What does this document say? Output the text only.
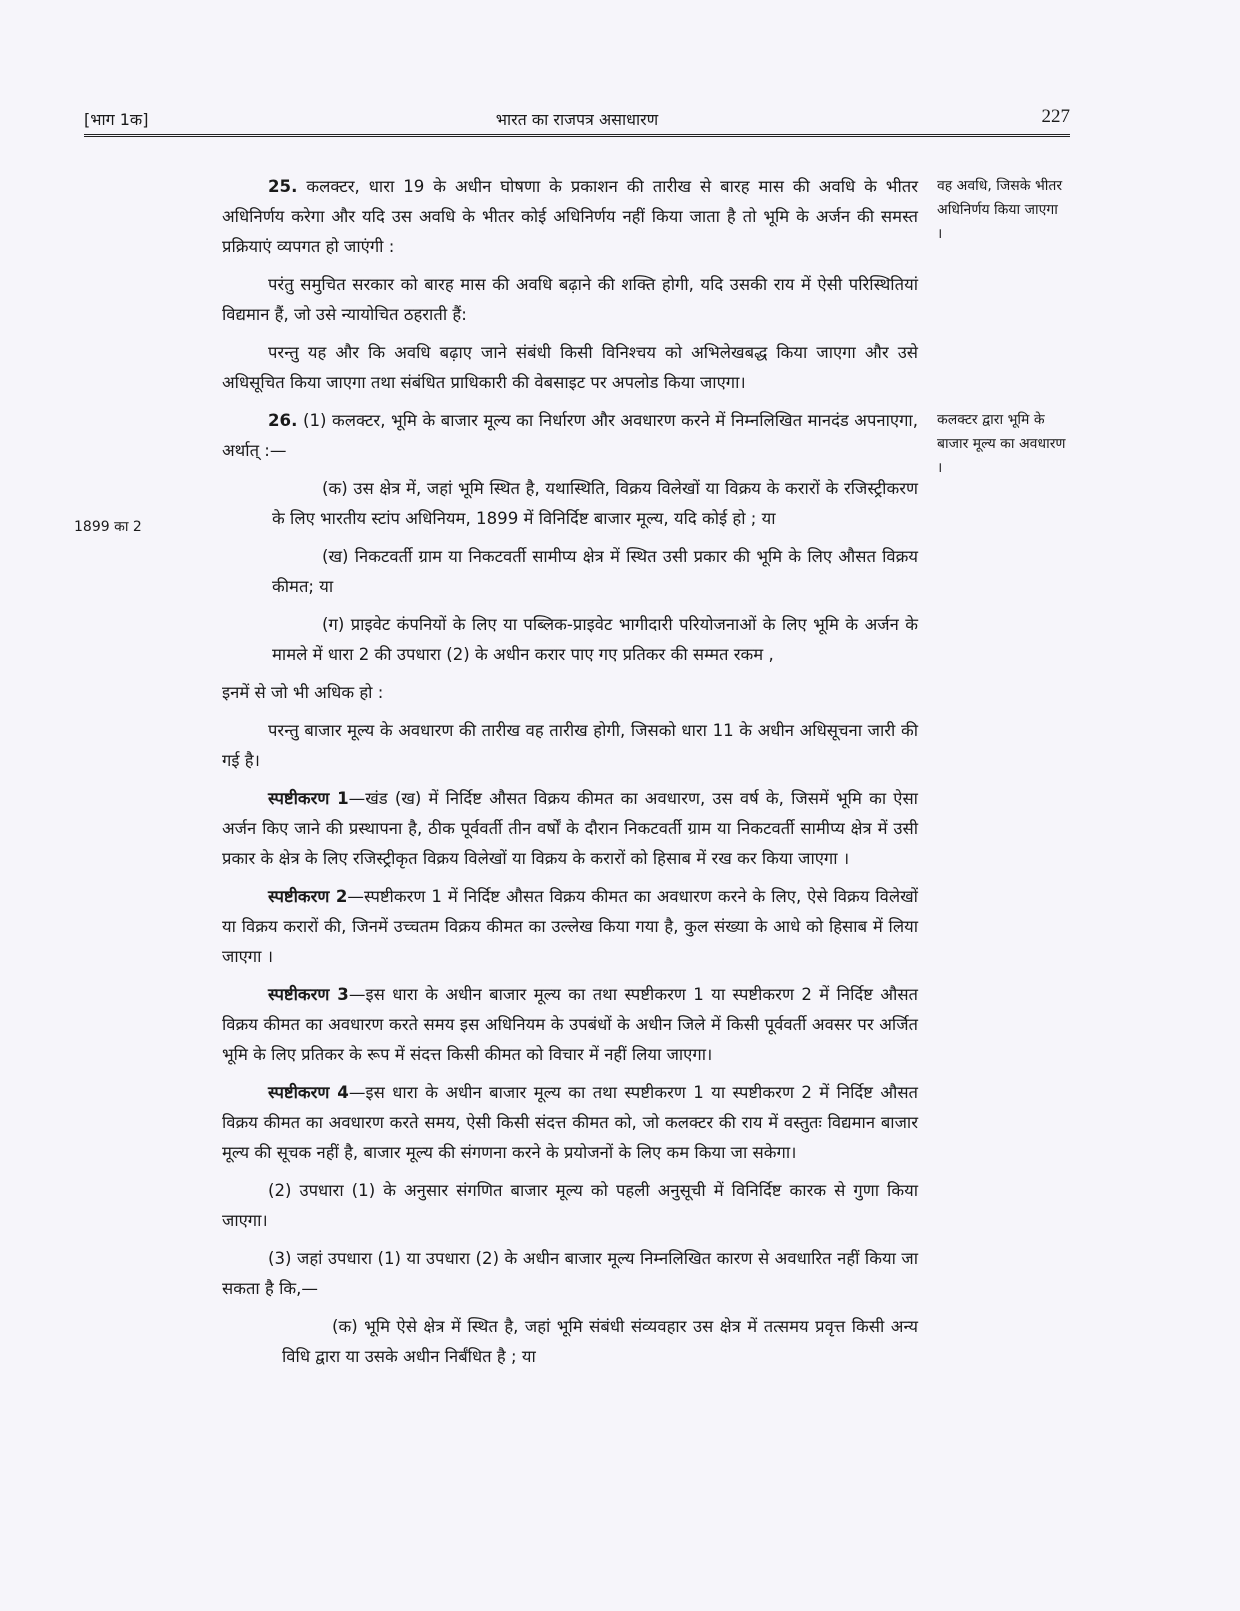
[भाग 1क]	भारत का राजपत्र असाधारण	227
वह अवधि, जिसके भीतर अधिनिर्णय किया जाएगा ।
कलक्टर द्वारा भूमि के बाजार मूल्य का अवधारण ।
1899 का 2

25. कलक्टर, धारा 19 के अधीन घोषणा के प्रकाशन की तारीख से बारह मास की अवधि के भीतर अधिनिर्णय करेगा और यदि उस अवधि के भीतर कोई अधिनिर्णय नहीं किया जाता है तो भूमि के अर्जन की समस्त प्रक्रियाएं व्यपगत हो जाएंगी :

परंतु समुचित सरकार को बारह मास की अवधि बढ़ाने की शक्ति होगी, यदि उसकी राय में ऐसी परिस्थितियां विद्यमान हैं, जो उसे न्यायोचित ठहराती हैं:

परन्तु यह और कि अवधि बढ़ाए जाने संबंधी किसी विनिश्चय को अभिलेखबद्ध किया जाएगा और उसे अधिसूचित किया जाएगा तथा संबंधित प्राधिकारी की वेबसाइट पर अपलोड किया जाएगा।

26. (1) कलक्टर, भूमि के बाजार मूल्य का निर्धारण और अवधारण करने में निम्नलिखित मानदंड अपनाएगा, अर्थात् :—

(क) उस क्षेत्र में, जहां भूमि स्थित है, यथास्थिति, विक्रय विलेखों या विक्रय के करारों के रजिस्ट्रीकरण के लिए भारतीय स्टांप अधिनियम, 1899 में विनिर्दिष्ट बाजार मूल्य, यदि कोई हो ; या

(ख) निकटवर्ती ग्राम या निकटवर्ती सामीप्य क्षेत्र में स्थित उसी प्रकार की भूमि के लिए औसत विक्रय कीमत; या

(ग) प्राइवेट कंपनियों के लिए या पब्लिक-प्राइवेट भागीदारी परियोजनाओं के लिए भूमि के अर्जन के मामले में धारा 2 की उपधारा (2) के अधीन करार पाए गए प्रतिकर की सम्मत रकम ,

इनमें से जो भी अधिक हो :

परन्तु बाजार मूल्य के अवधारण की तारीख वह तारीख होगी, जिसको धारा 11 के अधीन अधिसूचना जारी की गई है।

स्पष्टीकरण 1—खंड (ख) में निर्दिष्ट औसत विक्रय कीमत का अवधारण, उस वर्ष के, जिसमें भूमि का ऐसा अर्जन किए जाने की प्रस्थापना है, ठीक पूर्ववर्ती तीन वर्षों के दौरान निकटवर्ती ग्राम या निकटवर्ती सामीप्य क्षेत्र में उसी प्रकार के क्षेत्र के लिए रजिस्ट्रीकृत विक्रय विलेखों या विक्रय के करारों को हिसाब में रख कर किया जाएगा ।

स्पष्टीकरण 2—स्पष्टीकरण 1 में निर्दिष्ट औसत विक्रय कीमत का अवधारण करने के लिए, ऐसे विक्रय विलेखों या विक्रय करारों की, जिनमें उच्चतम विक्रय कीमत का उल्लेख किया गया है, कुल संख्या के आधे को हिसाब में लिया जाएगा ।

स्पष्टीकरण 3—इस धारा के अधीन बाजार मूल्य का तथा स्पष्टीकरण 1 या स्पष्टीकरण 2 में निर्दिष्ट औसत विक्रय कीमत का अवधारण करते समय इस अधिनियम के उपबंधों के अधीन जिले में किसी पूर्ववर्ती अवसर पर अर्जित भूमि के लिए प्रतिकर के रूप में संदत्त किसी कीमत को विचार में नहीं लिया जाएगा।

स्पष्टीकरण 4—इस धारा के अधीन बाजार मूल्य का तथा स्पष्टीकरण 1 या स्पष्टीकरण 2 में निर्दिष्ट औसत विक्रय कीमत का अवधारण करते समय, ऐसी किसी संदत्त कीमत को, जो कलक्टर की राय में वस्तुतः विद्यमान बाजार मूल्य की सूचक नहीं है, बाजार मूल्य की संगणना करने के प्रयोजनों के लिए कम किया जा सकेगा।

(2) उपधारा (1) के अनुसार संगणित बाजार मूल्य को पहली अनुसूची में विनिर्दिष्ट कारक से गुणा किया जाएगा।

(3) जहां उपधारा (1) या उपधारा (2) के अधीन बाजार मूल्य निम्नलिखित कारण से अवधारित नहीं किया जा सकता है कि,—

(क) भूमि ऐसे क्षेत्र में स्थित है, जहां भूमि संबंधी संव्यवहार उस क्षेत्र में तत्समय प्रवृत्त किसी अन्य विधि द्वारा या उसके अधीन निर्बंधित है ; या
